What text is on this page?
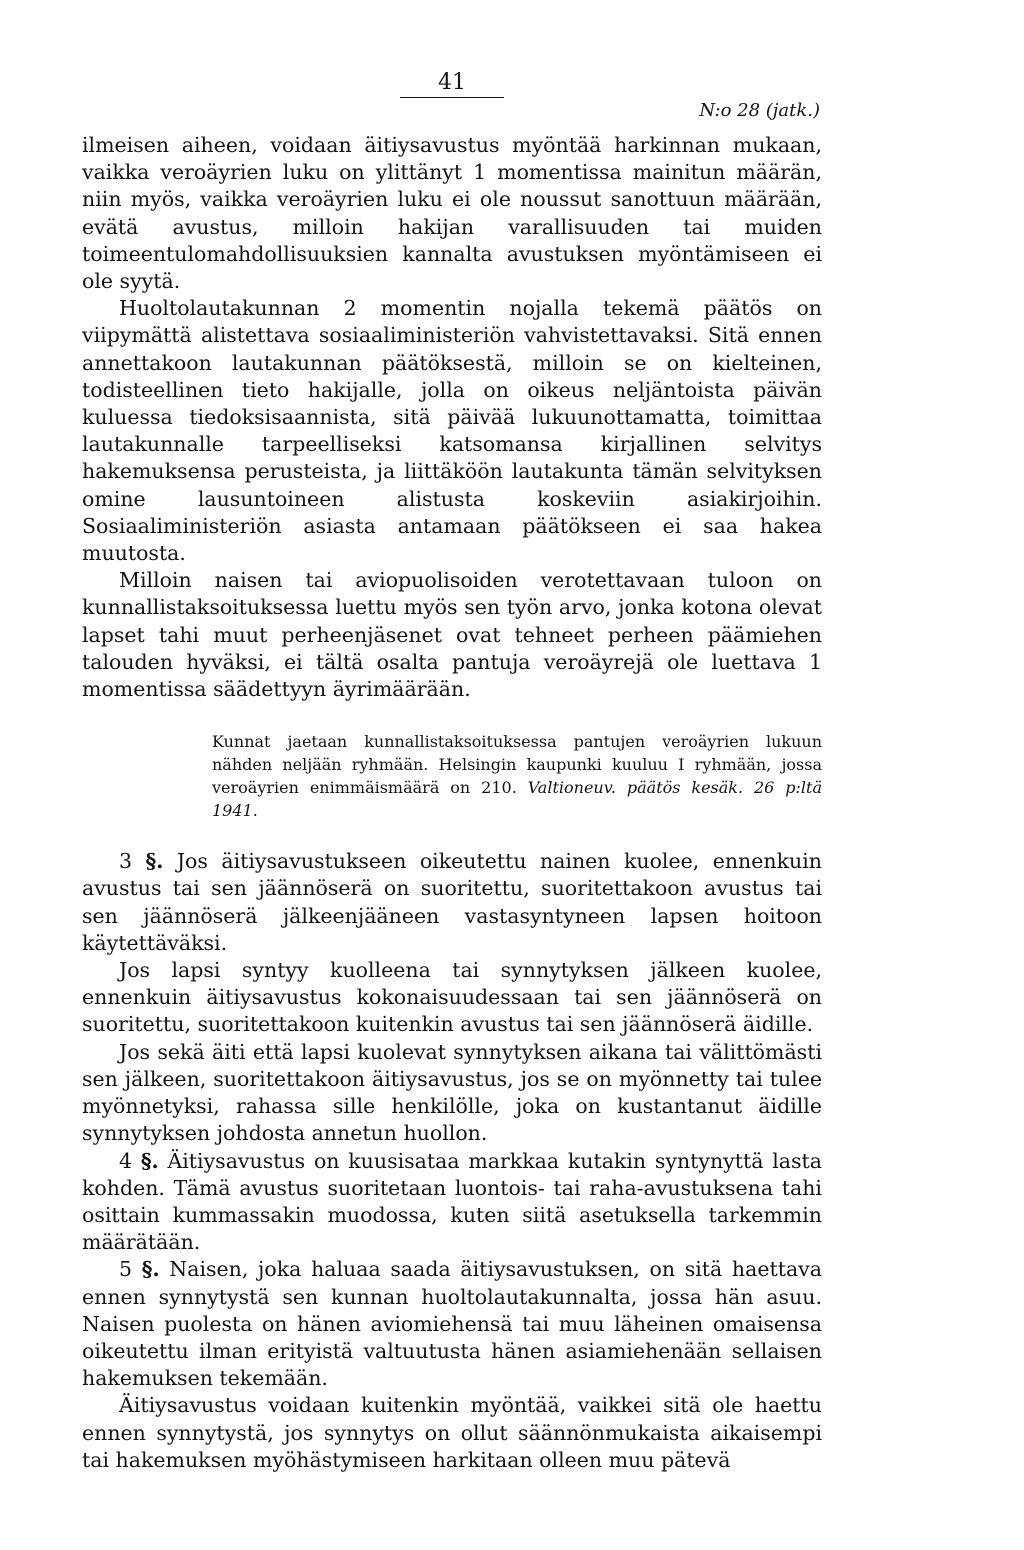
41
N:o 28 (jatk.)

ilmeisen aiheen, voidaan äitiysavustus myöntää harkinnan mukaan, vaikka veroäyrien luku on ylittänyt 1 momentissa mainitun määrän, niin myös, vaikka veroäyrien luku ei ole noussut sanottuun määrään, evätä avustus, milloin hakijan varallisuuden tai muiden toimeentulomahdollisuuksien kannalta avustuksen myöntämiseen ei ole syytä.

Huoltolautakunnan 2 momentin nojalla tekemä päätös on viipymättä alistettava sosiaaliministeriön vahvistettavaksi. Sitä ennen annettakoon lautakunnan päätöksestä, milloin se on kielteinen, todisteellinen tieto hakijalle, jolla on oikeus neljäntoista päivän kuluessa tiedoksisaannista, sitä päivää lukuunottamatta, toimittaa lautakunnalle tarpeelliseksi katsomansa kirjallinen selvitys hakemuksensa perusteista, ja liittäköön lautakunta tämän selvityksen omine lausuntoineen alistusta koskeviin asiakirjoihin. Sosiaaliministeriön asiasta antamaan päätökseen ei saa hakea muutosta.

Milloin naisen tai aviopuolisoiden verotettavaan tuloon on kunnallistaksoituksessa luettu myös sen työn arvo, jonka kotona olevat lapset tahi muut perheenjäsenet ovat tehneet perheen päämiehen talouden hyväksi, ei tältä osalta pantuja veroäyrejä ole luettava 1 momentissa säädettyyn äyrimäärään.

Kunnat jaetaan kunnallistaksoituksessa pantujen veroäyrien lukuun nähden neljään ryhmään. Helsingin kaupunki kuuluu I ryhmään, jossa veroäyrien enimmäismäärä on 210. Valtioneuv. päätös kesäk. 26 p:ltä 1941.

3 §. Jos äitiysavustukseen oikeutettu nainen kuolee, ennenkuin avustus tai sen jäännöserä on suoritettu, suoritettakoon avustus tai sen jäännöserä jälkeenjääneen vastasyntyneen lapsen hoitoon käytettäväksi.

Jos lapsi syntyy kuolleena tai synnytyksen jälkeen kuolee, ennenkuin äitiysavustus kokonaisuudessaan tai sen jäännöserä on suoritettu, suoritettakoon kuitenkin avustus tai sen jäännöserä äidille.

Jos sekä äiti että lapsi kuolevat synnytyksen aikana tai välittömästi sen jälkeen, suoritettakoon äitiysavustus, jos se on myönnetty tai tulee myönnetyksi, rahassa sille henkilölle, joka on kustantanut äidille synnytyksen johdosta annetun huollon.

4 §. Äitiysavustus on kuusisataa markkaa kutakin syntynyttä lasta kohden. Tämä avustus suoritetaan luontois- tai raha-avustuksena tahi osittain kummassakin muodossa, kuten siitä asetuksella tarkemmin määrätään.

5 §. Naisen, joka haluaa saada äitiysavustuksen, on sitä haettava ennen synnytystä sen kunnan huoltolautakunnalta, jossa hän asuu. Naisen puolesta on hänen aviomiehensä tai muu läheinen omaisensa oikeutettu ilman erityistä valtuutusta hänen asiamiehenään sellaisen hakemuksen tekemään.

Äitiysavustus voidaan kuitenkin myöntää, vaikkei sitä ole haettu ennen synnytystä, jos synnytys on ollut säännönmukaista aikaisempi tai hakemuksen myöhästymiseen harkitaan olleen muu pätevä
